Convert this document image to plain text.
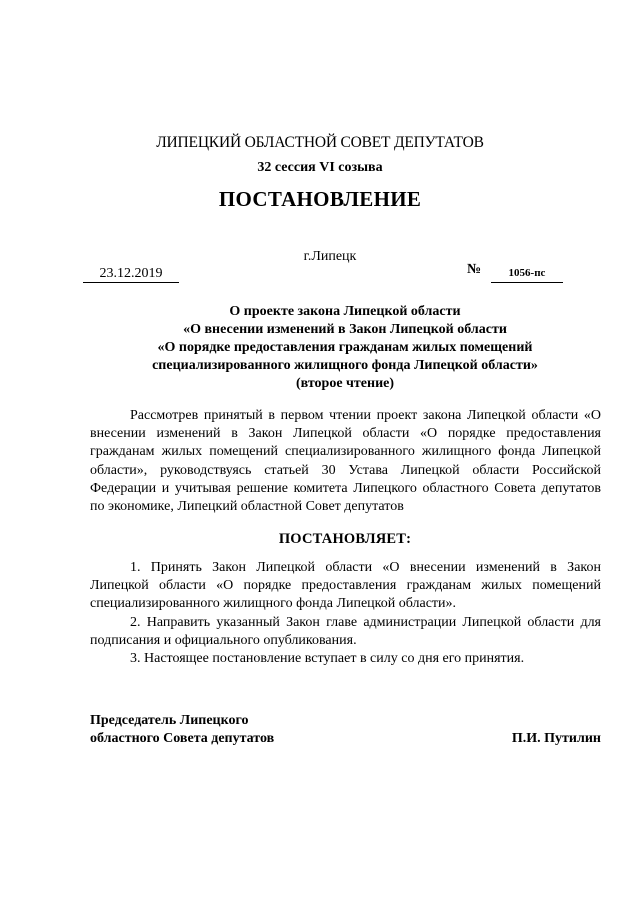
ЛИПЕЦКИЙ ОБЛАСТНОЙ СОВЕТ ДЕПУТАТОВ
32 сессия VI созыва
ПОСТАНОВЛЕНИЕ
г.Липецк
23.12.2019	№	1056-пс
О проекте закона Липецкой области
«О внесении изменений в Закон Липецкой области
«О порядке предоставления гражданам жилых помещений
специализированного жилищного фонда Липецкой области»
(второе чтение)
Рассмотрев принятый в первом чтении проект закона Липецкой области «О внесении изменений в Закон Липецкой области «О порядке предоставления гражданам жилых помещений специализированного жилищного фонда Липецкой области», руководствуясь статьей 30 Устава Липецкой области Российской Федерации и учитывая решение комитета Липецкого областного Совета депутатов по экономике, Липецкий областной Совет депутатов
ПОСТАНОВЛЯЕТ:

1. Принять Закон Липецкой области «О внесении изменений в Закон Липецкой области «О порядке предоставления гражданам жилых помещений специализированного жилищного фонда Липецкой области».

2. Направить указанный Закон главе администрации Липецкой области для подписания и официального опубликования.

3. Настоящее постановление вступает в силу со дня его принятия.

Председатель Липецкого
областного Совета депутатов	П.И. Путилин
